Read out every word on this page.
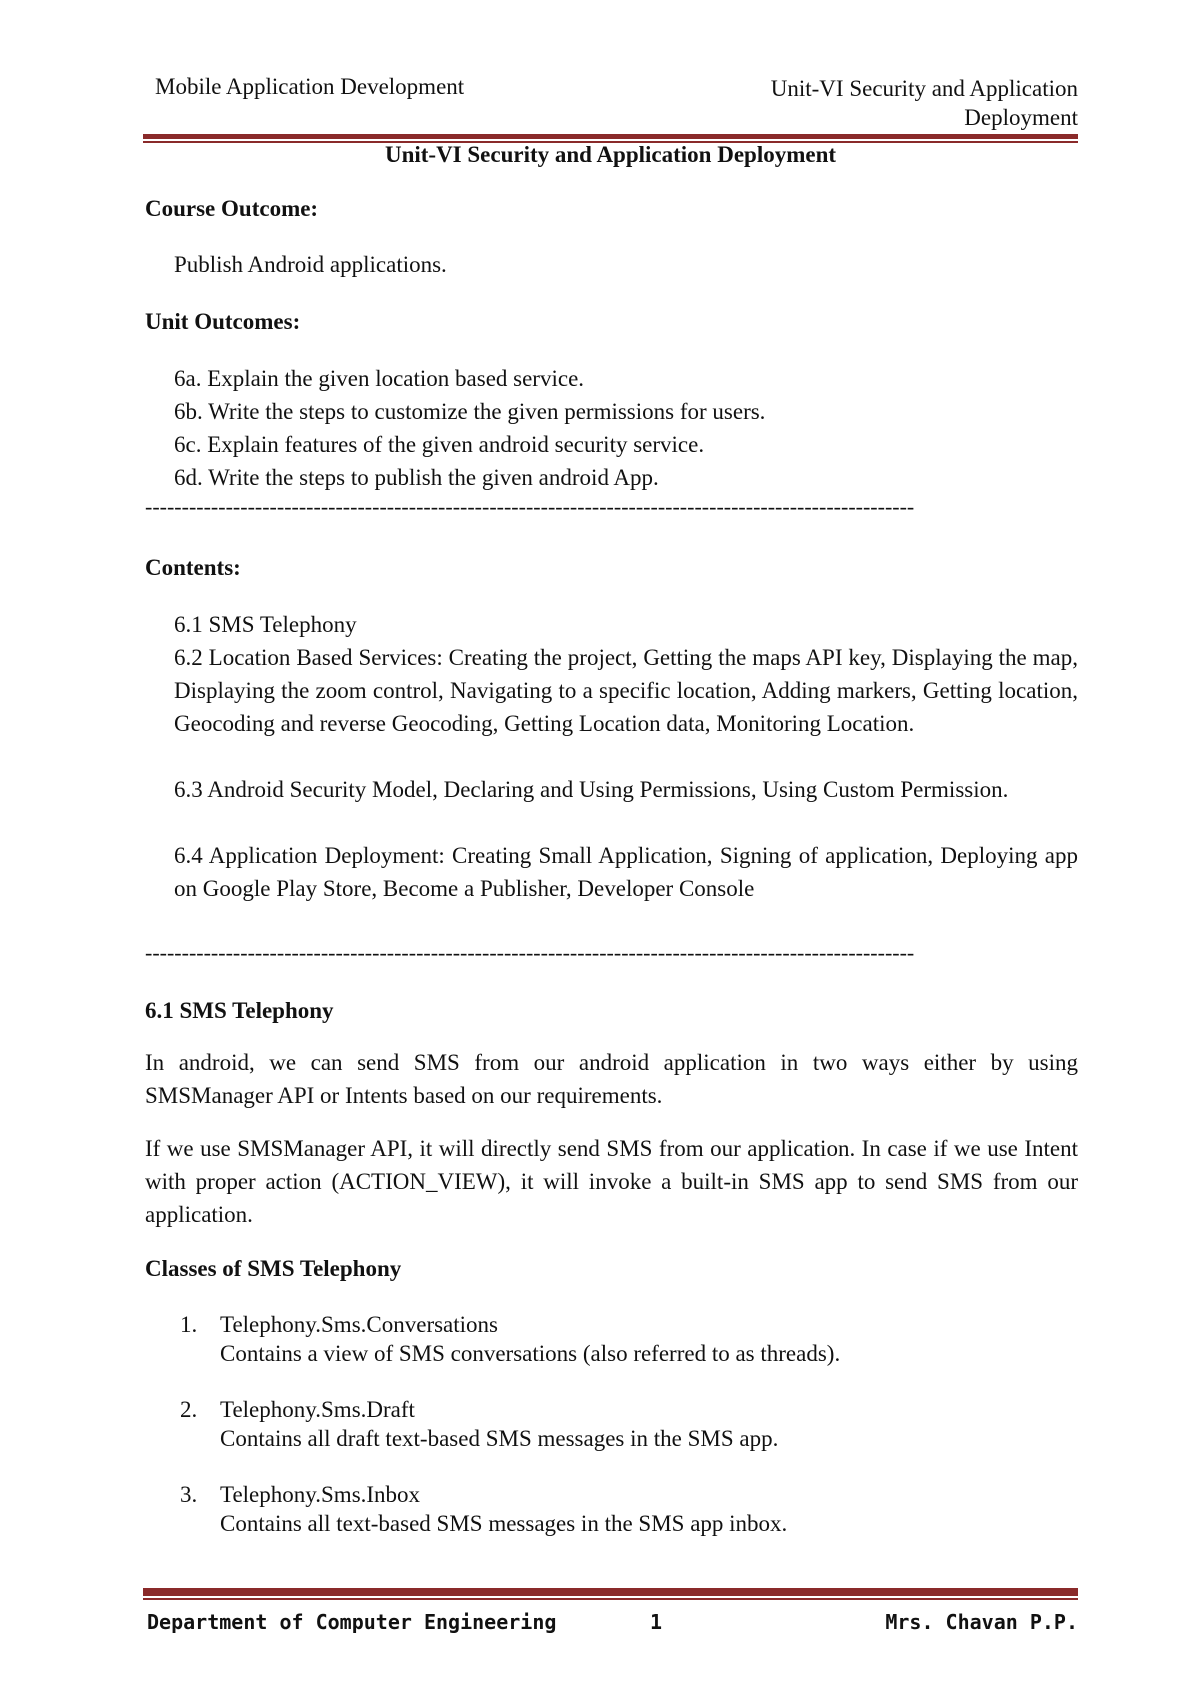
Mobile Application Development	Unit-VI Security and Application
Deployment
Unit-VI Security and Application Deployment
Course Outcome:
Publish Android applications.
Unit Outcomes:
6a. Explain the given location based service.
6b. Write the steps to customize the given permissions for users.
6c. Explain features of the given android security service.
6d. Write the steps to publish the given android App.
---------------------------------------------------------------------------------------------------------
Contents:
6.1 SMS Telephony
6.2 Location Based Services: Creating the project, Getting the maps API key, Displaying the map, Displaying the zoom control, Navigating to a specific location, Adding markers, Getting location, Geocoding and reverse Geocoding, Getting Location data, Monitoring Location.
6.3 Android Security Model, Declaring and Using Permissions, Using Custom Permission.
6.4 Application Deployment: Creating Small Application, Signing of application, Deploying app on Google Play Store, Become a Publisher, Developer Console
---------------------------------------------------------------------------------------------------------
6.1 SMS Telephony
In android, we can send SMS from our android application in two ways either by using SMSManager API or Intents based on our requirements.
If we use SMSManager API, it will directly send SMS from our application. In case if we use Intent with proper action (ACTION_VIEW), it will invoke a built-in SMS app to send SMS from our application.
Classes of SMS Telephony
1. Telephony.Sms.Conversations
Contains a view of SMS conversations (also referred to as threads).
2. Telephony.Sms.Draft
Contains all draft text-based SMS messages in the SMS app.
3. Telephony.Sms.Inbox
Contains all text-based SMS messages in the SMS app inbox.
Department of Computer Engineering	1	Mrs. Chavan P.P.
